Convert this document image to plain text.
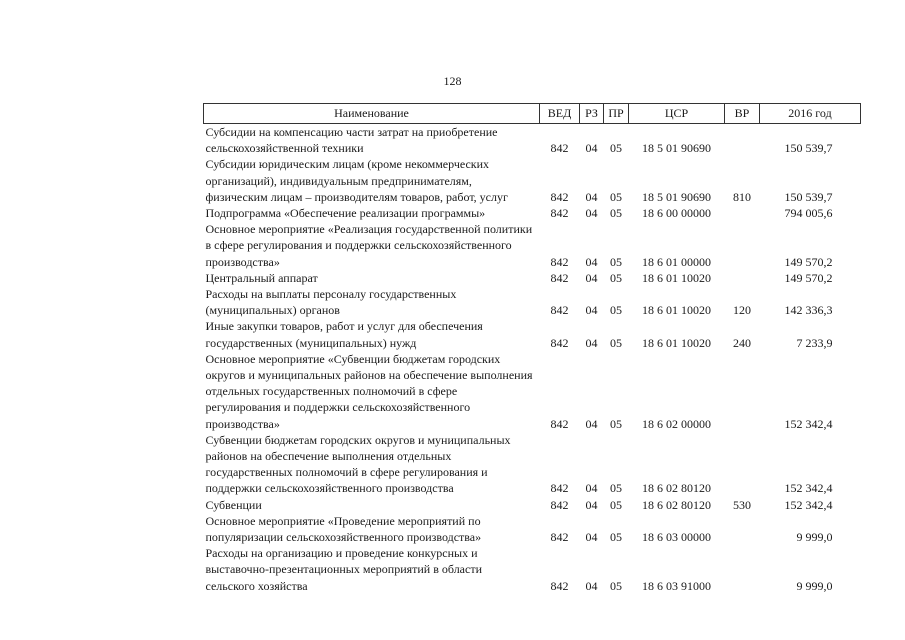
128
Наименование	ВЕД	РЗ	ПР	ЦСР	ВР	2016 год
Субсидии на компенсацию части затрат на приобретение сельскохозяйственной техники	842	04	05	18 5 01 90690		150 539,7
Субсидии юридическим лицам (кроме некоммерческих организаций), индивидуальным предпринимателям, физическим лицам – производителям товаров, работ, услуг	842	04	05	18 5 01 90690	810	150 539,7
Подпрограмма «Обеспечение реализации программы»	842	04	05	18 6 00 00000		794 005,6
Основное мероприятие «Реализация государственной политики в сфере регулирования и поддержки сельскохозяйственного производства»	842	04	05	18 6 01 00000		149 570,2
Центральный аппарат	842	04	05	18 6 01 10020		149 570,2
Расходы на выплаты персоналу государственных (муниципальных) органов	842	04	05	18 6 01 10020	120	142 336,3
Иные закупки товаров, работ и услуг для обеспечения государственных (муниципальных) нужд	842	04	05	18 6 01 10020	240	7 233,9
Основное мероприятие «Субвенции бюджетам городских округов и муниципальных районов на обеспечение выполнения отдельных государственных полномочий в сфере регулирования и поддержки сельскохозяйственного производства»	842	04	05	18 6 02 00000		152 342,4
Субвенции бюджетам городских округов и муниципальных районов на обеспечение выполнения отдельных государственных полномочий в сфере регулирования и поддержки сельскохозяйственного производства	842	04	05	18 6 02 80120		152 342,4
Субвенции	842	04	05	18 6 02 80120	530	152 342,4
Основное мероприятие «Проведение мероприятий по популяризации сельскохозяйственного производства»	842	04	05	18 6 03 00000		9 999,0
Расходы на организацию и проведение конкурсных и выставочно-презентационных мероприятий в области сельского хозяйства	842	04	05	18 6 03 91000		9 999,0
